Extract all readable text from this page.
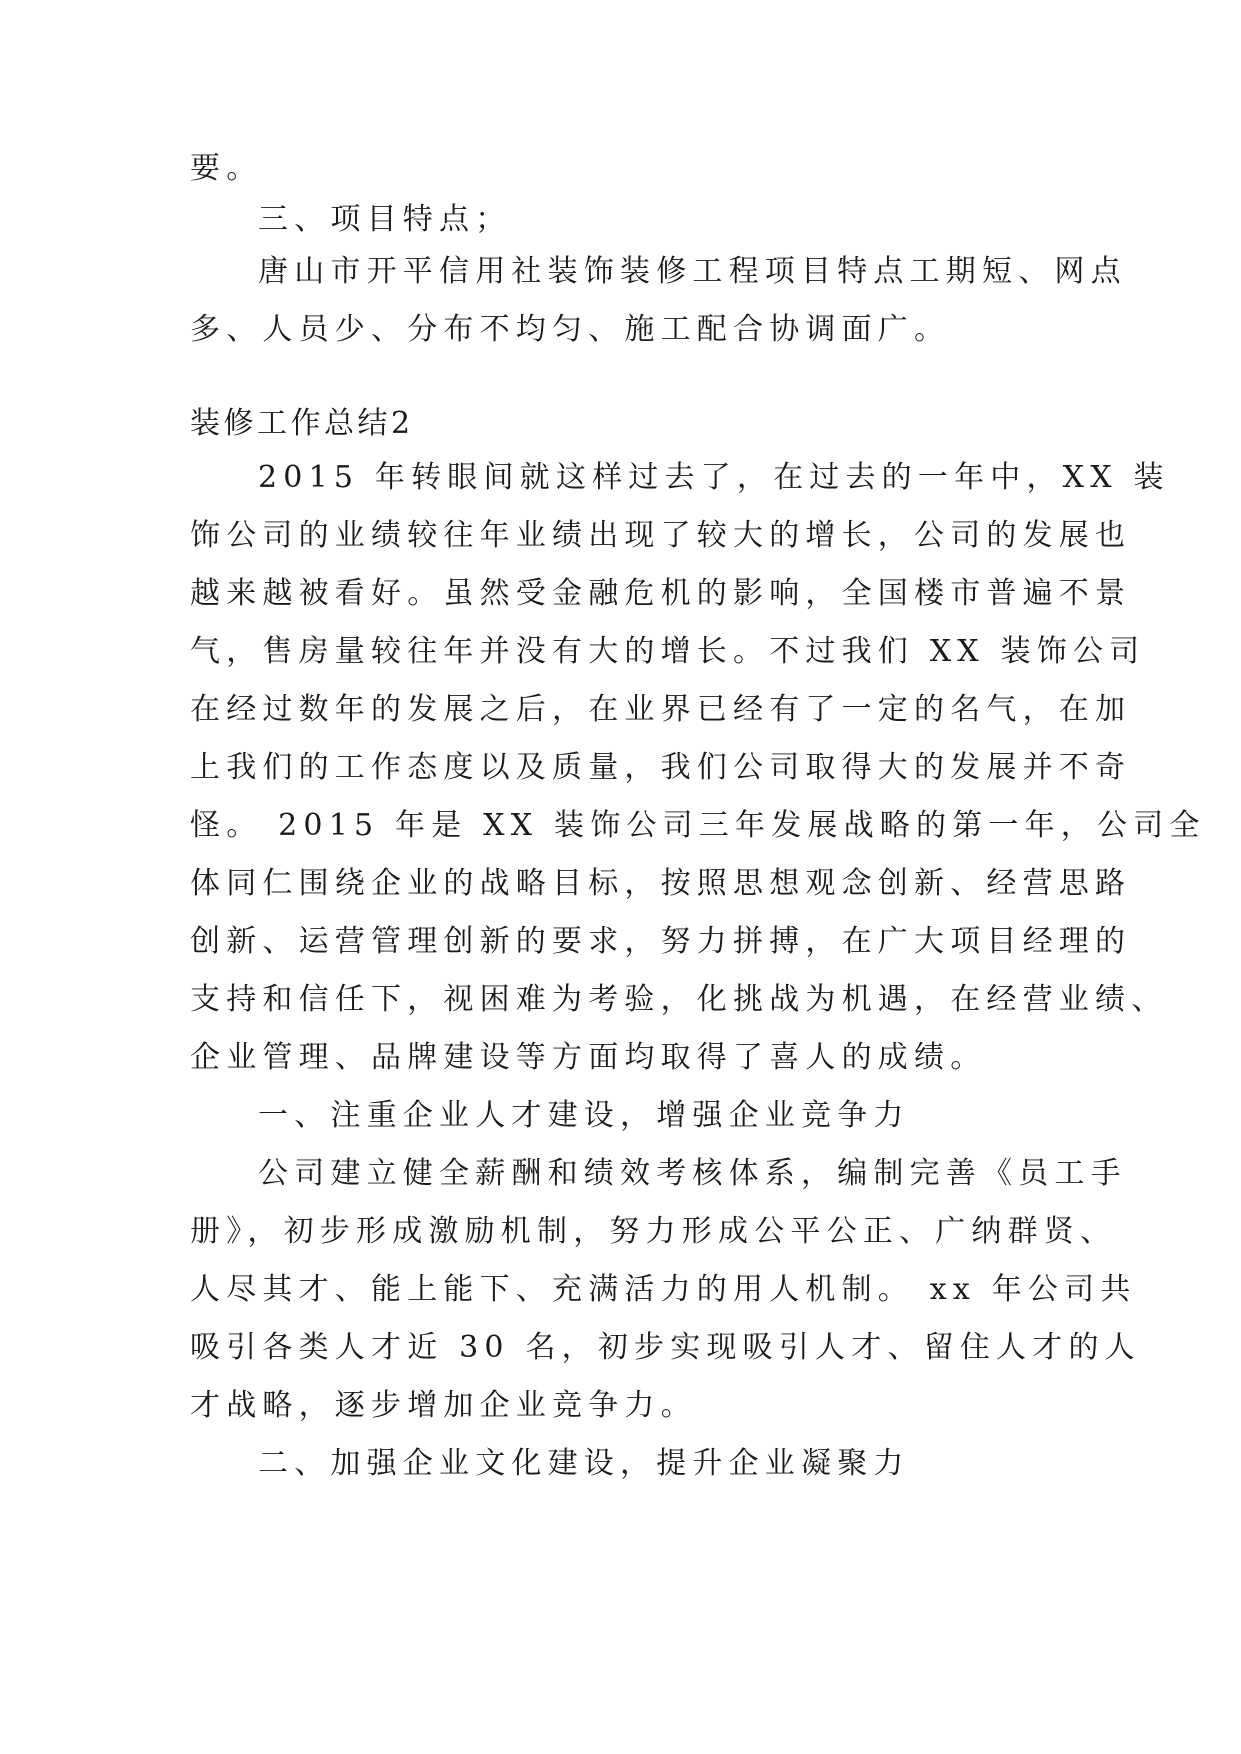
要。
三、项目特点；
唐山市开平信用社装饰装修工程项目特点工期短、网点
多、人员少、分布不均匀、施工配合协调面广。
装修工作总结2
2015 年转眼间就这样过去了，在过去的一年中，XX 装
饰公司的业绩较往年业绩出现了较大的增长，公司的发展也
越来越被看好。虽然受金融危机的影响，全国楼市普遍不景
气，售房量较往年并没有大的增长。不过我们 XX 装饰公司
在经过数年的发展之后，在业界已经有了一定的名气，在加
上我们的工作态度以及质量，我们公司取得大的发展并不奇
怪。 2015 年是 XX 装饰公司三年发展战略的第一年，公司全
体同仁围绕企业的战略目标，按照思想观念创新、经营思路
创新、运营管理创新的要求，努力拼搏，在广大项目经理的
支持和信任下，视困难为考验，化挑战为机遇，在经营业绩、
企业管理、品牌建设等方面均取得了喜人的成绩。
一、注重企业人才建设，增强企业竞争力
公司建立健全薪酬和绩效考核体系，编制完善《员工手
册》，初步形成激励机制，努力形成公平公正、广纳群贤、
人尽其才、能上能下、充满活力的用人机制。 xx 年公司共
吸引各类人才近 30 名，初步实现吸引人才、留住人才的人
才战略，逐步增加企业竞争力。
二、加强企业文化建设，提升企业凝聚力
